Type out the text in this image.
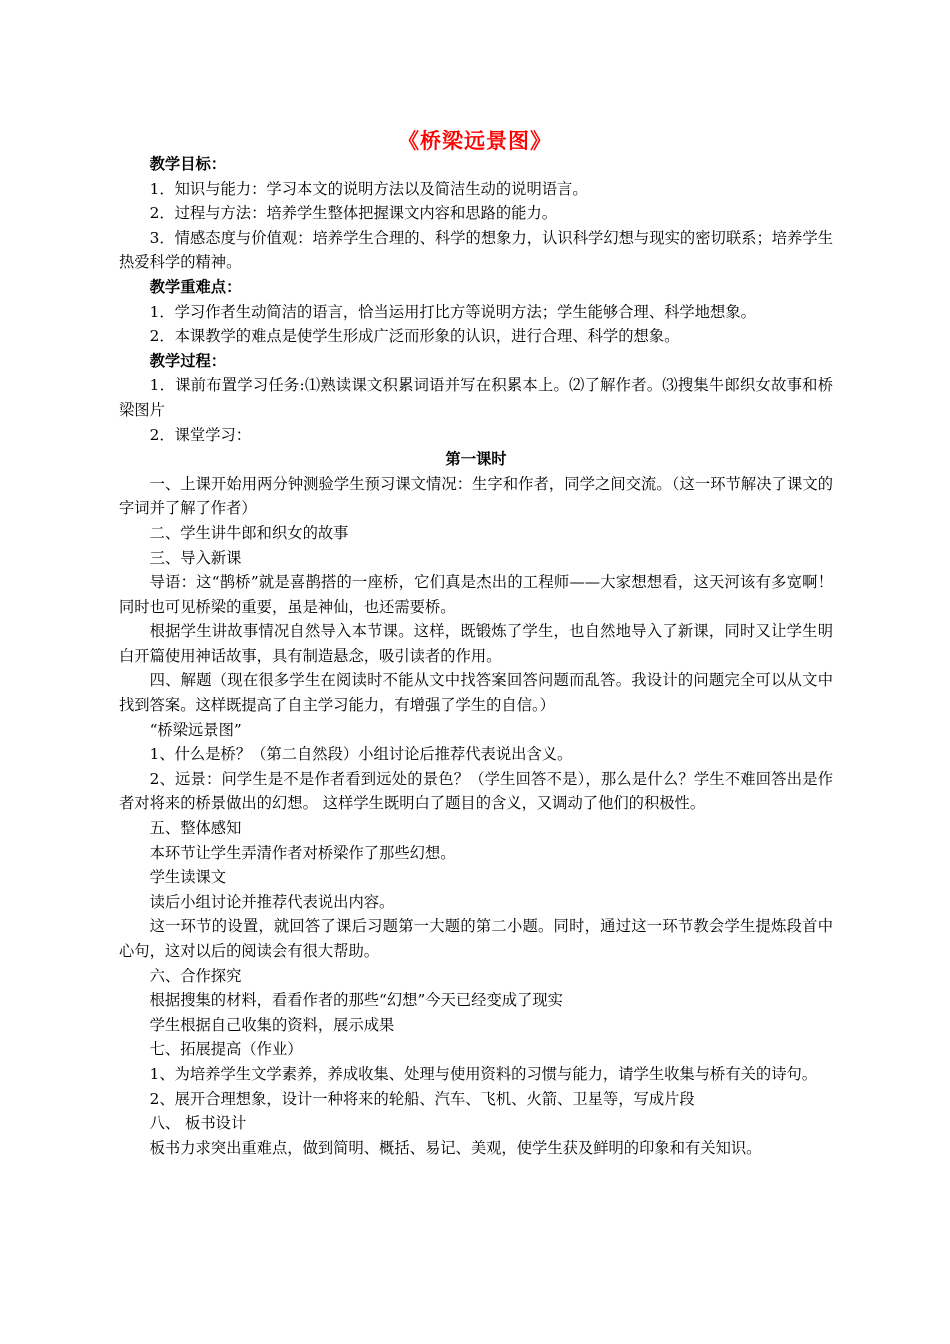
《桥梁远景图》

教学目标：

1．知识与能力：学习本文的说明方法以及简洁生动的说明语言。

2．过程与方法：培养学生整体把握课文内容和思路的能力。

3．情感态度与价值观：培养学生合理的、科学的想象力，认识科学幻想与现实的密切联系；培养学生热爱科学的精神。

教学重难点：

1．学习作者生动简洁的语言，恰当运用打比方等说明方法；学生能够合理、科学地想象。

2．本课教学的难点是使学生形成广泛而形象的认识，进行合理、科学的想象。

教学过程：

1．课前布置学习任务:⑴熟读课文积累词语并写在积累本上。⑵了解作者。⑶搜集牛郎织女故事和桥梁图片

2．课堂学习：

第一课时

一、上课开始用两分钟测验学生预习课文情况：生字和作者，同学之间交流。（这一环节解决了课文的字词并了解了作者）

二、学生讲牛郎和织女的故事

三、导入新课

导语：这“鹊桥”就是喜鹊搭的一座桥，它们真是杰出的工程师——大家想想看，这天河该有多宽啊！同时也可见桥梁的重要，虽是神仙，也还需要桥。

根据学生讲故事情况自然导入本节课。这样，既锻炼了学生，也自然地导入了新课，同时又让学生明白开篇使用神话故事，具有制造悬念，吸引读者的作用。

四、解题（现在很多学生在阅读时不能从文中找答案回答问题而乱答。我设计的问题完全可以从文中找到答案。这样既提高了自主学习能力，有增强了学生的自信。）

“桥梁远景图”

1、什么是桥？（第二自然段）小组讨论后推荐代表说出含义。

2、远景：问学生是不是作者看到远处的景色？（学生回答不是），那么是什么？学生不难回答出是作者对将来的桥景做出的幻想。 这样学生既明白了题目的含义，又调动了他们的积极性。

五、整体感知

本环节让学生弄清作者对桥梁作了那些幻想。

学生读课文

读后小组讨论并推荐代表说出内容。

这一环节的设置，就回答了课后习题第一大题的第二小题。同时，通过这一环节教会学生提炼段首中心句，这对以后的阅读会有很大帮助。

六、合作探究

根据搜集的材料，看看作者的那些“幻想”今天已经变成了现实

学生根据自己收集的资料，展示成果

七、拓展提高（作业）

1、为培养学生文学素养，养成收集、处理与使用资料的习惯与能力，请学生收集与桥有关的诗句。

2、展开合理想象，设计一种将来的轮船、汽车、飞机、火箭、卫星等，写成片段

八、 板书设计

板书力求突出重难点，做到简明、概括、易记、美观，使学生获及鲜明的印象和有关知识。
